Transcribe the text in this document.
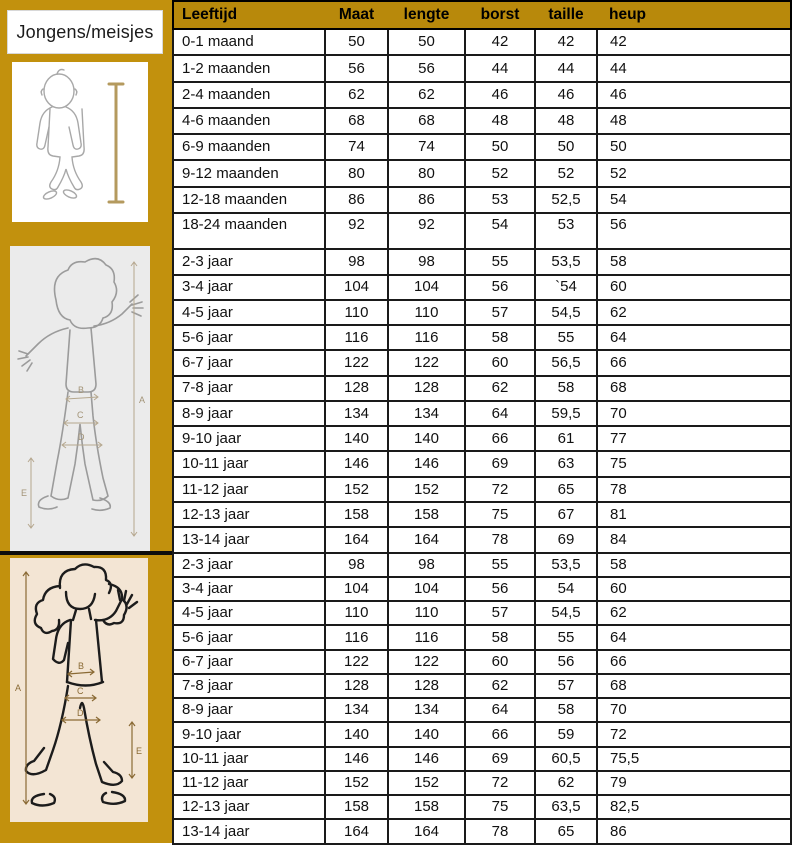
Jongens/meisjes
A
B
C
D
E
A
B
C
D
E
Leeftijd	Maat	lengte	borst	taille	heup
0-1 maand	50	50	42	42	42
1-2 maanden	56	56	44	44	44
2-4 maanden	62	62	46	46	46
4-6 maanden	68	68	48	48	48
6-9 maanden	74	74	50	50	50
9-12 maanden	80	80	52	52	52
12-18 maanden	86	86	53	52,5	54
18-24 maanden	92	92	54	53	56
2-3 jaar	98	98	55	53,5	58
3-4 jaar	104	104	56	`54	60
4-5 jaar	110	110	57	54,5	62
5-6 jaar	116	116	58	55	64
6-7 jaar	122	122	60	56,5	66
7-8 jaar	128	128	62	58	68
8-9 jaar	134	134	64	59,5	70
9-10 jaar	140	140	66	61	77
10-11 jaar	146	146	69	63	75
11-12 jaar	152	152	72	65	78
12-13 jaar	158	158	75	67	81
13-14 jaar	164	164	78	69	84
2-3 jaar	98	98	55	53,5	58
3-4 jaar	104	104	56	54	60
4-5 jaar	110	110	57	54,5	62
5-6 jaar	116	116	58	55	64
6-7 jaar	122	122	60	56	66
7-8 jaar	128	128	62	57	68
8-9 jaar	134	134	64	58	70
9-10 jaar	140	140	66	59	72
10-11 jaar	146	146	69	60,5	75,5
11-12 jaar	152	152	72	62	79
12-13 jaar	158	158	75	63,5	82,5
13-14 jaar	164	164	78	65	86
